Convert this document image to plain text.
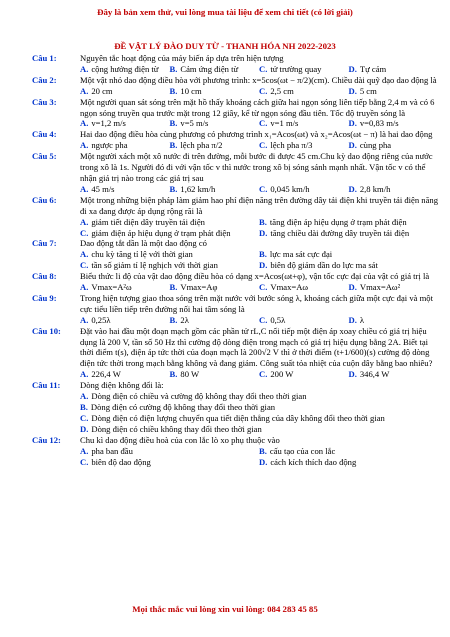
Đây là bản xem thử, vui lòng mua tài liệu để xem chi tiết (có lời giải)
ĐỀ VẬT LÝ ĐÀO DUY TỪ - THANH HÓA NH 2022-2023
Câu 1:	Nguyên tắc hoạt động của máy biến áp dựa trên hiện tượng
A. cộng hưởng điện từ	B. Cảm ứng điện từ	C. tử trường quay	D. Tự cảm
Câu 2:	Một vật nhỏ dao động điều hòa với phương trình: x=5cos(ωt − π/2)(cm). Chiều dài quỹ đạo dao động là
A. 20 cm	B. 10 cm	C. 2,5 cm	D. 5 cm
Câu 3:	Một người quan sát sóng trên mặt hồ thấy khoảng cách giữa hai ngọn sóng liên tiếp bằng 2,4 m và có 6 ngọn sóng truyền qua trước mặt trong 12 giây, kể từ ngọn sóng đầu tiên. Tốc độ truyền sóng là
A. v=1,2 m/s	B. v=5 m/s	C. v=1 m/s	D. v=0,83 m/s
Câu 4:	Hai dao động điều hòa cùng phương có phương trình x₁=Acos(ωt) và x₂=Acos(ωt − π) là hai dao động
A. ngược pha	B. lệch pha π/2	C. lệch pha π/3	D. cùng pha
Câu 5:	Một người xách một xô nước đi trên đường, mỗi bước đi được 45 cm.Chu kỳ dao động riêng của nước trong xô là 1s. Người đó đi với vận tốc v thì nước trong xô bị sóng sánh mạnh nhất. Vận tốc v có thể nhận giá trị nào trong các giá trị sau
A. 45 m/s	B. 1,62 km/h	C. 0,045 km/h	D. 2,8 km/h
Câu 6:	Một trong những biện pháp làm giảm hao phí điện năng trên đường dây tải điện khi truyền tải điện năng đi xa đang được áp dụng rộng rãi là
A. giảm tiết diện dây truyền tải điện	B. tăng điện áp hiệu dụng ở trạm phát điện
C. giảm điện áp hiệu dụng ở trạm phát điện	D. tăng chiều dài đường dây truyền tải điện
Câu 7:	Dao động tắt dần là một dao động có
A. chu kỳ tăng tỉ lệ với thời gian	B. lực ma sát cực đại
C. tần số giảm tỉ lệ nghịch với thời gian	D. biên độ giảm dần do lực ma sát
Câu 8:	Biểu thức li độ của vật dao động điều hòa có dạng x=Acos(ωt+φ), vận tốc cực đại của vật có giá trị là
A. Vmax=A²ω	B. Vmax=Aφ	C. Vmax=Aω	D. Vmax=Aω²
Câu 9:	Trong hiện tượng giao thoa sóng trên mặt nước với bước sóng λ, khoảng cách giữa một cực đại và một cực tiểu liền tiếp trên đường nối hai tâm sóng là
A. 0,25λ	B. 2λ	C. 0,5λ	D. λ
Câu 10: Đặt vào hai đầu một đoạn mạch gồm các phần tử rL,C nối tiếp một điện áp xoay chiều có giá trị hiệu dụng là 200 V, tần số 50 Hz thì cường độ dòng điện trong mạch có giá trị hiệu dụng bằng 2A. Biết tại thời điểm t(s), điện áp tức thời của đoạn mạch là 200√2 V thì ở thời điểm (t+1/600)(s) cường độ dòng điện tức thời trong mạch bằng không và đang giảm. Công suất tỏa nhiệt của cuộn dây bằng bao nhiêu?
A. 226,4 W	B. 80 W	C. 200 W	D. 346,4 W
Câu 11: Dòng điện không đổi là:
A. Dòng điện có chiều và cường độ không thay đổi theo thời gian
B. Dòng điện có cường độ không thay đổi theo thời gian
C. Dòng điện có điện lượng chuyển qua tiết diện thẳng của dây không đổi theo thời gian
D. Dòng điện có chiều không thay đổi theo thời gian
Câu 12: Chu kì dao động điều hoà của con lắc lò xo phụ thuộc vào
A. pha ban đầu	B. cấu tạo của con lắc
C. biên độ dao động	D. cách kích thích dao động
Mọi thắc mắc vui lòng xin vui lòng: 084 283 45 85
